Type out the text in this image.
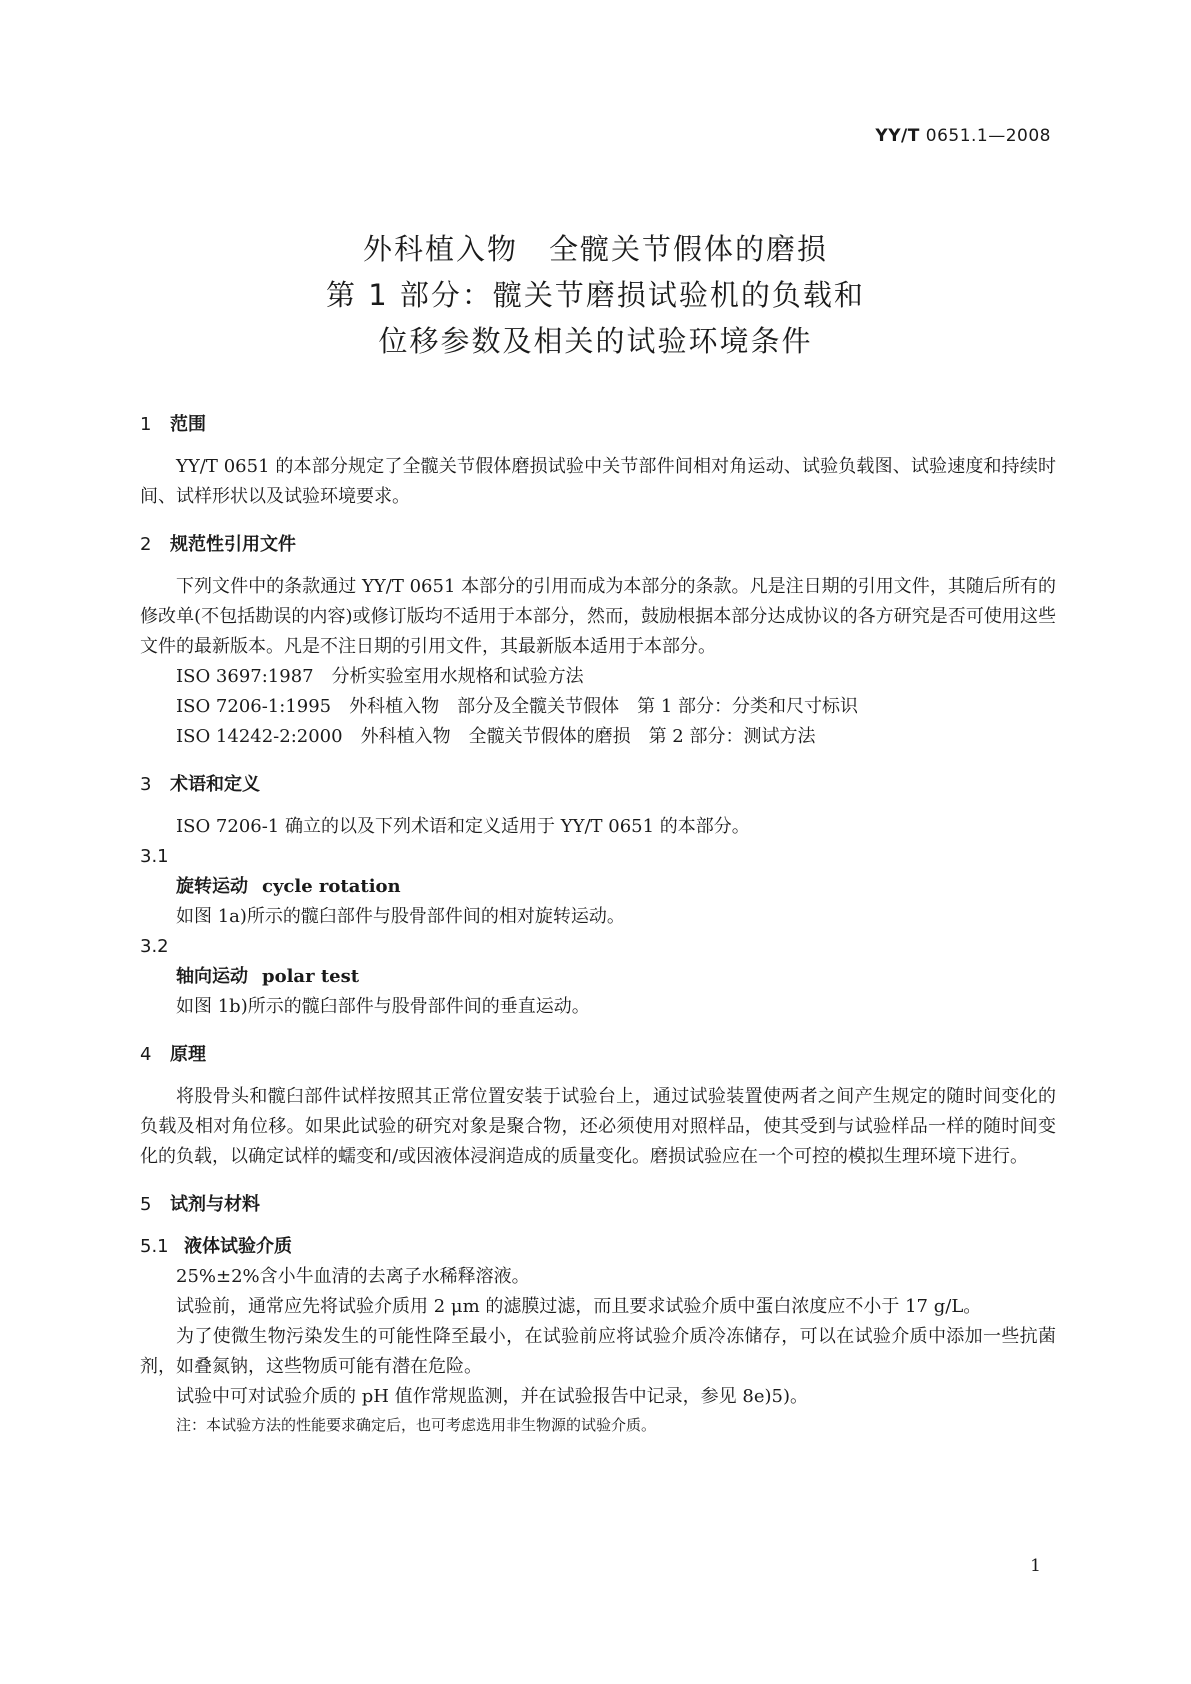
YY/T 0651.1—2008
外科植入物　全髋关节假体的磨损
第 1 部分：髋关节磨损试验机的负载和
位移参数及相关的试验环境条件
1 范围

YY/T 0651 的本部分规定了全髋关节假体磨损试验中关节部件间相对角运动、试验负载图、试验速度和持续时间、试样形状以及试验环境要求。

2 规范性引用文件

下列文件中的条款通过 YY/T 0651 本部分的引用而成为本部分的条款。凡是注日期的引用文件，其随后所有的修改单(不包括勘误的内容)或修订版均不适用于本部分，然而，鼓励根据本部分达成协议的各方研究是否可使用这些文件的最新版本。凡是不注日期的引用文件，其最新版本适用于本部分。

ISO 3697:1987　分析实验室用水规格和试验方法

ISO 7206-1:1995　外科植入物　部分及全髋关节假体　第 1 部分：分类和尺寸标识

ISO 14242-2:2000　外科植入物　全髋关节假体的磨损　第 2 部分：测试方法

3 术语和定义

ISO 7206-1 确立的以及下列术语和定义适用于 YY/T 0651 的本部分。

3.1

旋转运动 cycle rotation

如图 1a)所示的髋臼部件与股骨部件间的相对旋转运动。

3.2

轴向运动 polar test

如图 1b)所示的髋臼部件与股骨部件间的垂直运动。

4 原理

将股骨头和髋臼部件试样按照其正常位置安装于试验台上，通过试验装置使两者之间产生规定的随时间变化的负载及相对角位移。如果此试验的研究对象是聚合物，还必须使用对照样品，使其受到与试验样品一样的随时间变化的负载，以确定试样的蠕变和/或因液体浸润造成的质量变化。磨损试验应在一个可控的模拟生理环境下进行。

5 试剂与材料
5.1 液体试验介质

25%±2%含小牛血清的去离子水稀释溶液。

试验前，通常应先将试验介质用 2 μm 的滤膜过滤，而且要求试验介质中蛋白浓度应不小于 17 g/L。

为了使微生物污染发生的可能性降至最小，在试验前应将试验介质冷冻储存，可以在试验介质中添加一些抗菌剂，如叠氮钠，这些物质可能有潜在危险。

试验中可对试验介质的 pH 值作常规监测，并在试验报告中记录，参见 8e)5)。

注：本试验方法的性能要求确定后，也可考虑选用非生物源的试验介质。

1
